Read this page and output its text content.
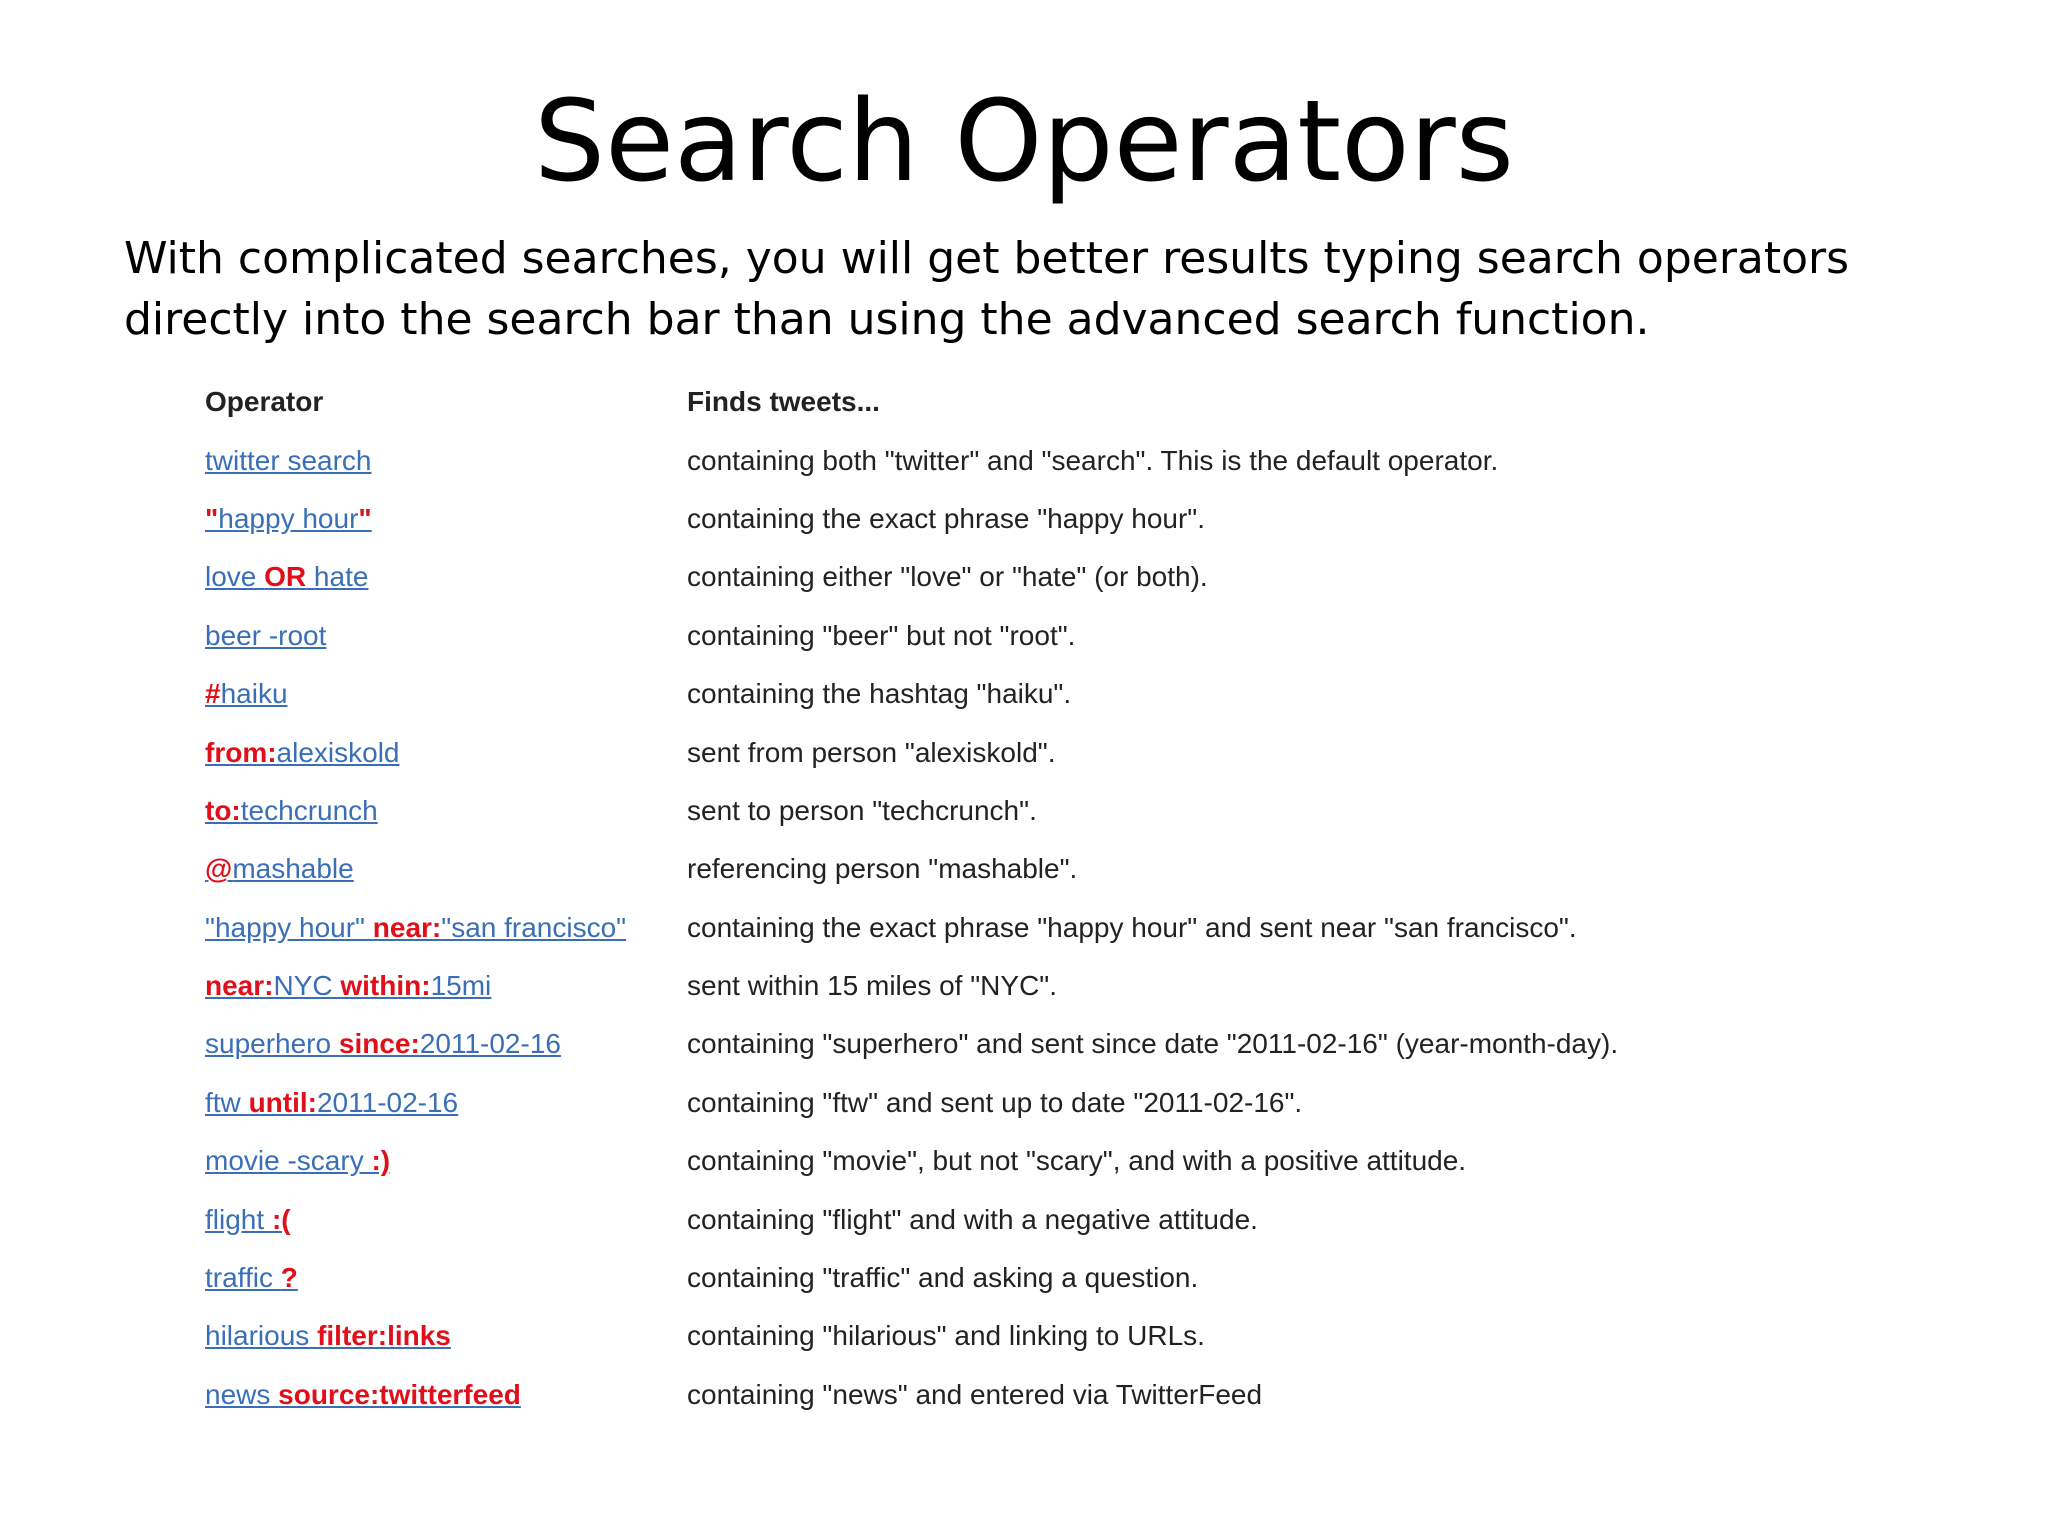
Search Operators

With complicated searches, you will get better results typing search operators
directly into the search bar than using the advanced search function.

Operator	Finds tweets...
twitter search	containing both "twitter" and "search". This is the default operator.
"happy hour"	containing the exact phrase "happy hour".
love OR hate	containing either "love" or "hate" (or both).
beer -root	containing "beer" but not "root".
#haiku	containing the hashtag "haiku".
from:alexiskold	sent from person "alexiskold".
to:techcrunch	sent to person "techcrunch".
@mashable	referencing person "mashable".
"happy hour" near:"san francisco"	containing the exact phrase "happy hour" and sent near "san francisco".
near:NYC within:15mi	sent within 15 miles of "NYC".
superhero since:2011-02-16	containing "superhero" and sent since date "2011-02-16" (year-month-day).
ftw until:2011-02-16	containing "ftw" and sent up to date "2011-02-16".
movie -scary :)	containing "movie", but not "scary", and with a positive attitude.
flight :(	containing "flight" and with a negative attitude.
traffic ?	containing "traffic" and asking a question.
hilarious filter:links	containing "hilarious" and linking to URLs.
news source:twitterfeed	containing "news" and entered via TwitterFeed
